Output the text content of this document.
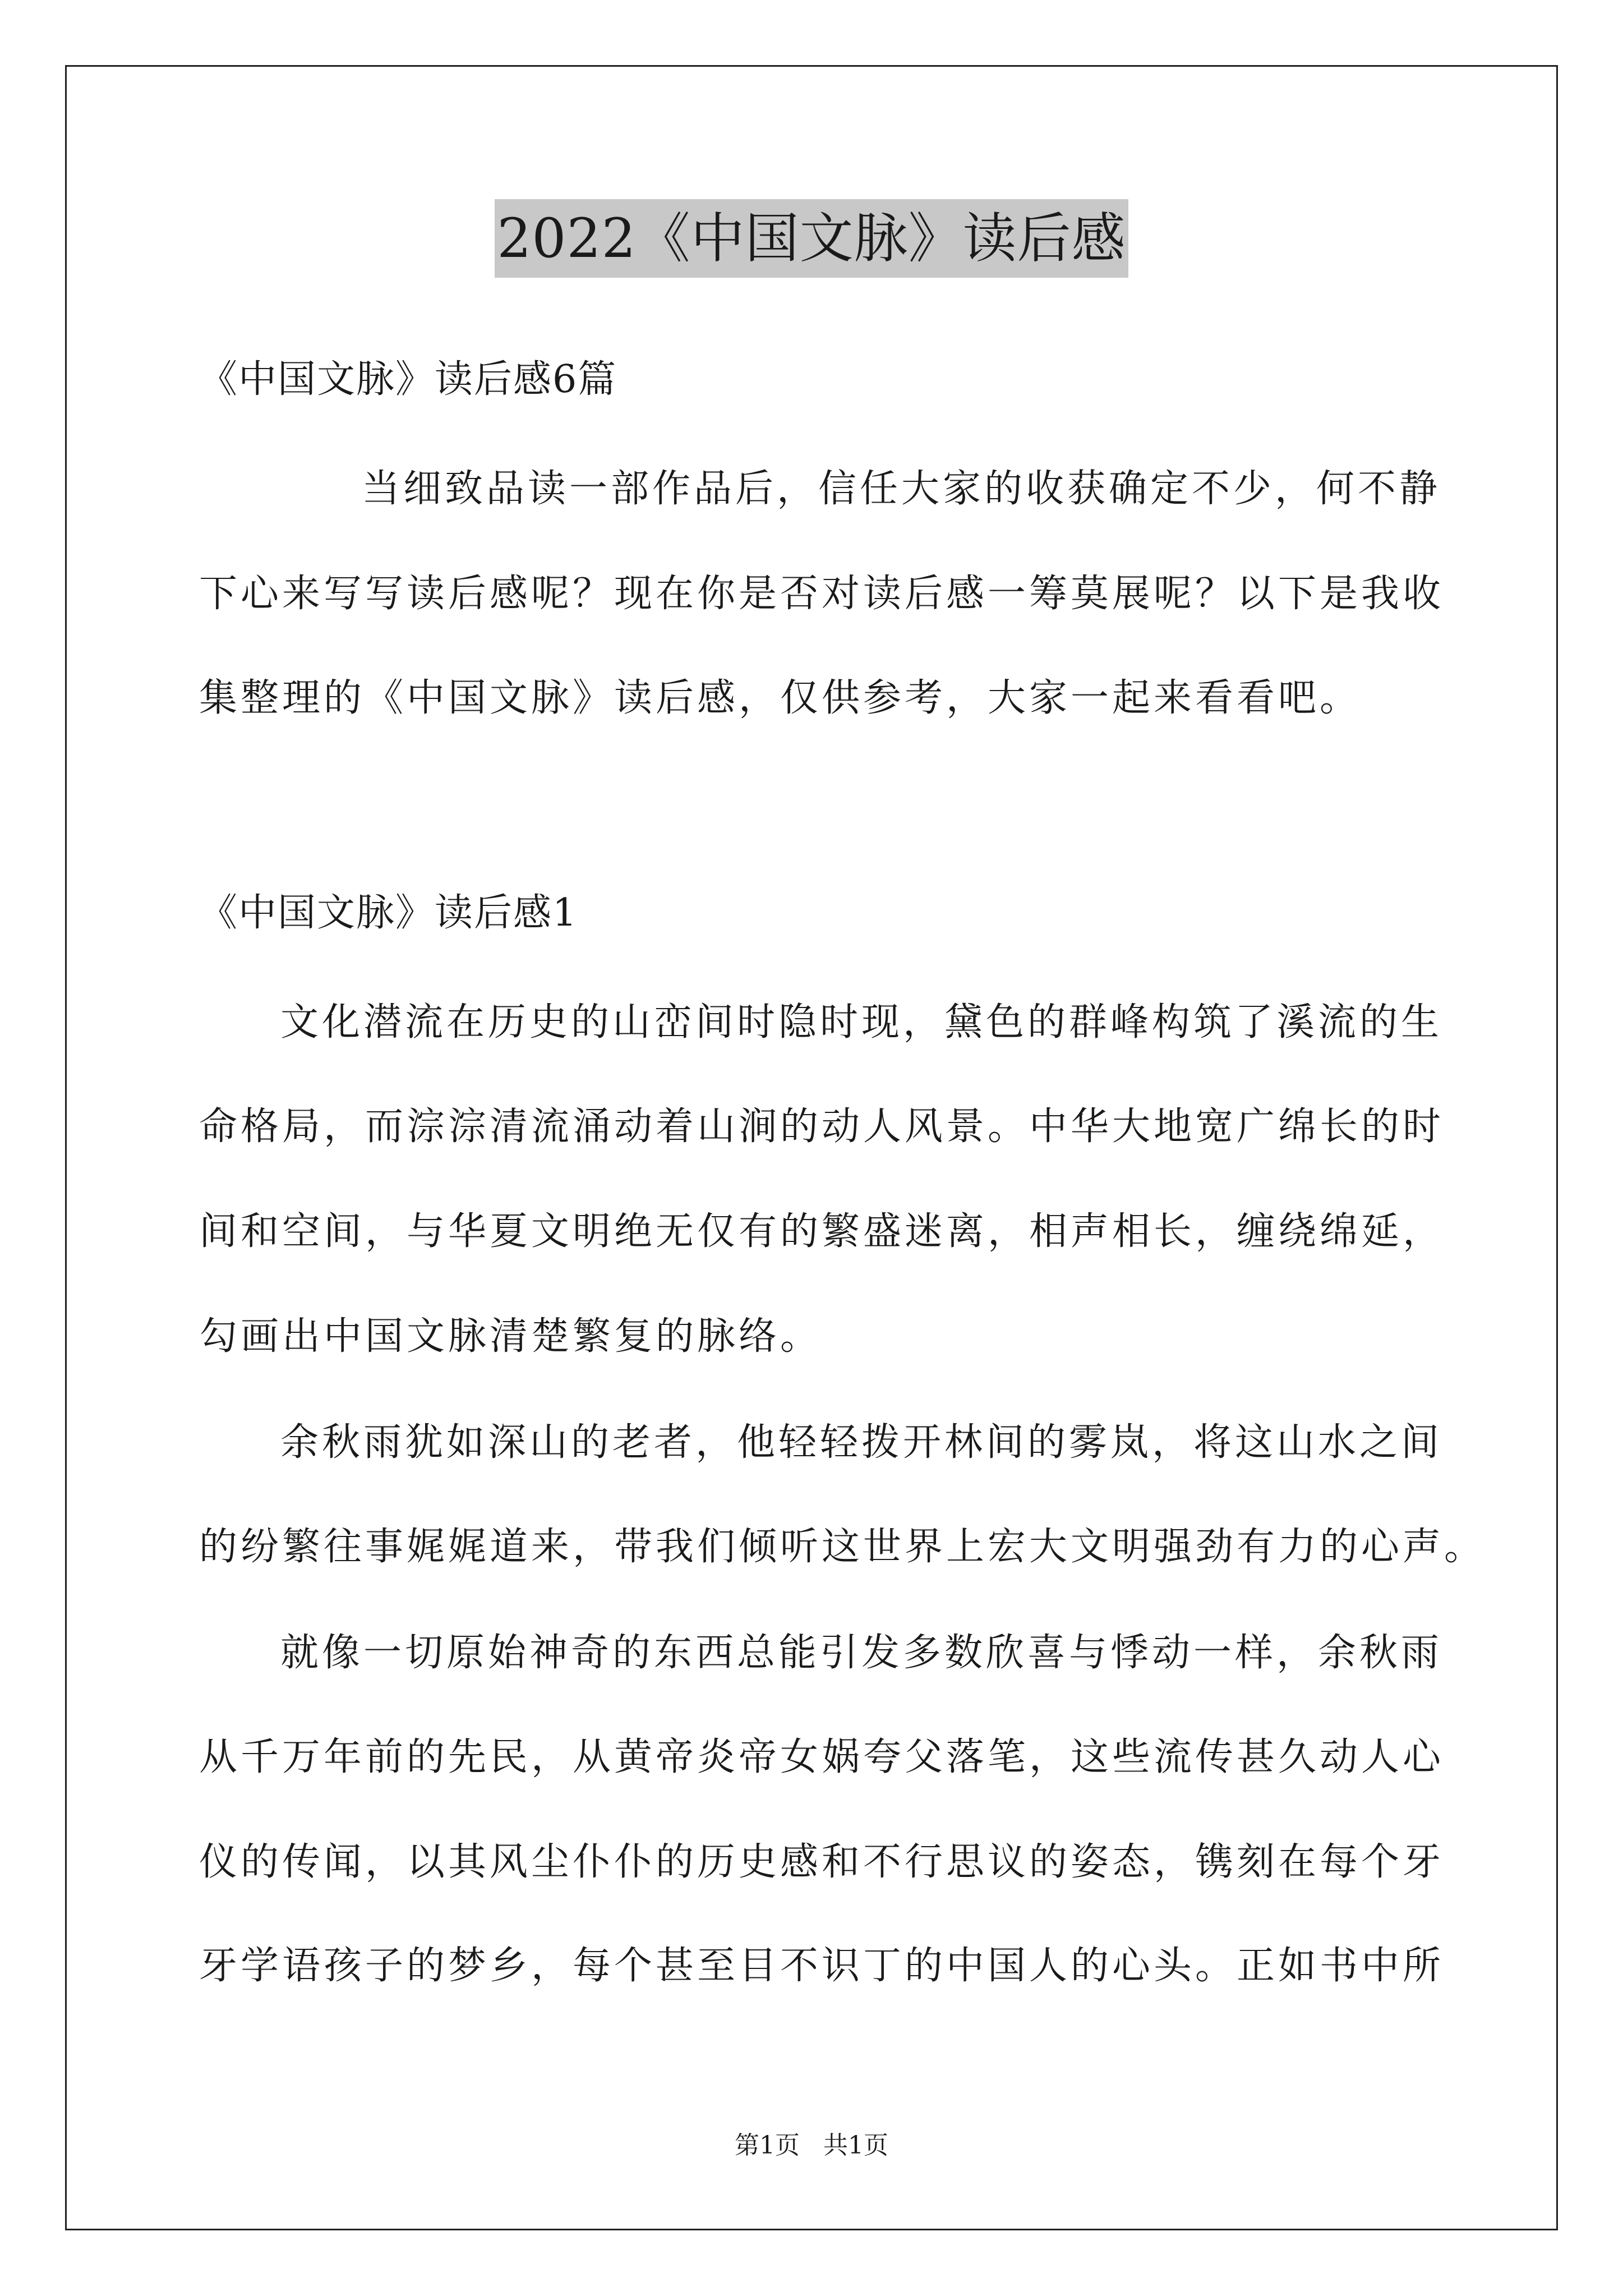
2022《中国文脉》读后感
《中国文脉》读后感6篇
当细致品读一部作品后，信任大家的收获确定不少，何不静
下心来写写读后感呢？现在你是否对读后感一筹莫展呢？以下是我收
集整理的《中国文脉》读后感，仅供参考，大家一起来看看吧。
《中国文脉》读后感1
文化潜流在历史的山峦间时隐时现，黛色的群峰构筑了溪流的生
命格局，而淙淙清流涌动着山涧的动人风景。中华大地宽广绵长的时
间和空间，与华夏文明绝无仅有的繁盛迷离，相声相长，缠绕绵延，
勾画出中国文脉清楚繁复的脉络。
余秋雨犹如深山的老者，他轻轻拨开林间的雾岚，将这山水之间
的纷繁往事娓娓道来，带我们倾听这世界上宏大文明强劲有力的心声。
就像一切原始神奇的东西总能引发多数欣喜与悸动一样，余秋雨
从千万年前的先民，从黄帝炎帝女娲夸父落笔，这些流传甚久动人心
仪的传闻，以其风尘仆仆的历史感和不行思议的姿态，镌刻在每个牙
牙学语孩子的梦乡，每个甚至目不识丁的中国人的心头。正如书中所
第1页   共1页
